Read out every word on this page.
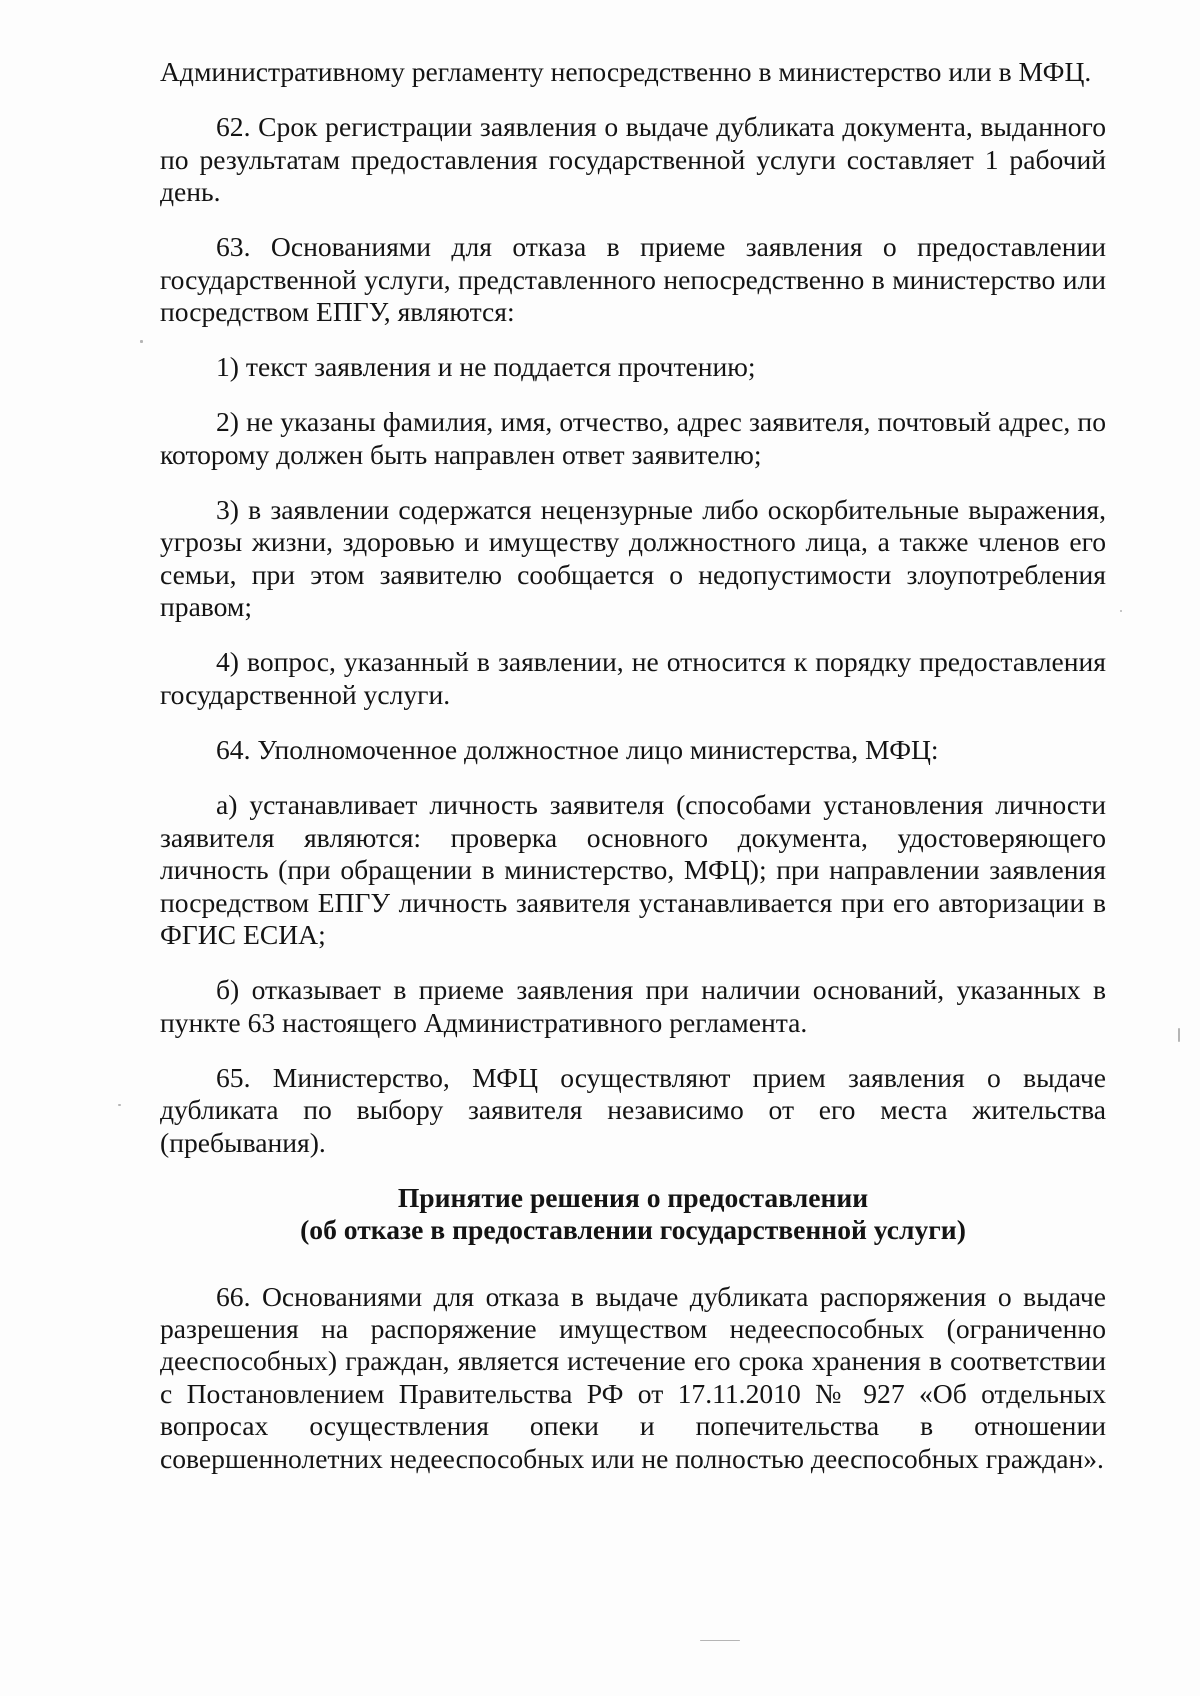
Административному регламенту непосредственно в министерство или в МФЦ.

62. Срок регистрации заявления о выдаче дубликата документа, выданного по результатам предоставления государственной услуги составляет 1 рабочий день.

63. Основаниями для отказа в приеме заявления о предоставлении государственной услуги, представленного непосредственно в министерство или посредством ЕПГУ, являются:

1) текст заявления и не поддается прочтению;

2) не указаны фамилия, имя, отчество, адрес заявителя, почтовый адрес, по которому должен быть направлен ответ заявителю;

3) в заявлении содержатся нецензурные либо оскорбительные выражения, угрозы жизни, здоровью и имуществу должностного лица, а также членов его семьи, при этом заявителю сообщается о недопустимости злоупотребления правом;

4) вопрос, указанный в заявлении, не относится к порядку предоставления государственной услуги.

64. Уполномоченное должностное лицо министерства, МФЦ:

а) устанавливает личность заявителя (способами установления личности заявителя являются: проверка основного документа, удостоверяющего личность (при обращении в министерство, МФЦ); при направлении заявления посредством ЕПГУ личность заявителя устанавливается при его авторизации в ФГИС ЕСИА;

б) отказывает в приеме заявления при наличии оснований, указанных в пункте 63 настоящего Административного регламента.

65. Министерство, МФЦ осуществляют прием заявления о выдаче дубликата по выбору заявителя независимо от его места жительства (пребывания).

Принятие решения о предоставлении
(об отказе в предоставлении государственной услуги)

66. Основаниями для отказа в выдаче дубликата распоряжения о выдаче разрешения на распоряжение имуществом недееспособных (ограниченно дееспособных) граждан, является истечение его срока хранения в соответствии с Постановлением Правительства РФ от 17.11.2010 № 927 «Об отдельных вопросах осуществления опеки и попечительства в отношении совершеннолетних недееспособных или не полностью дееспособных граждан».
